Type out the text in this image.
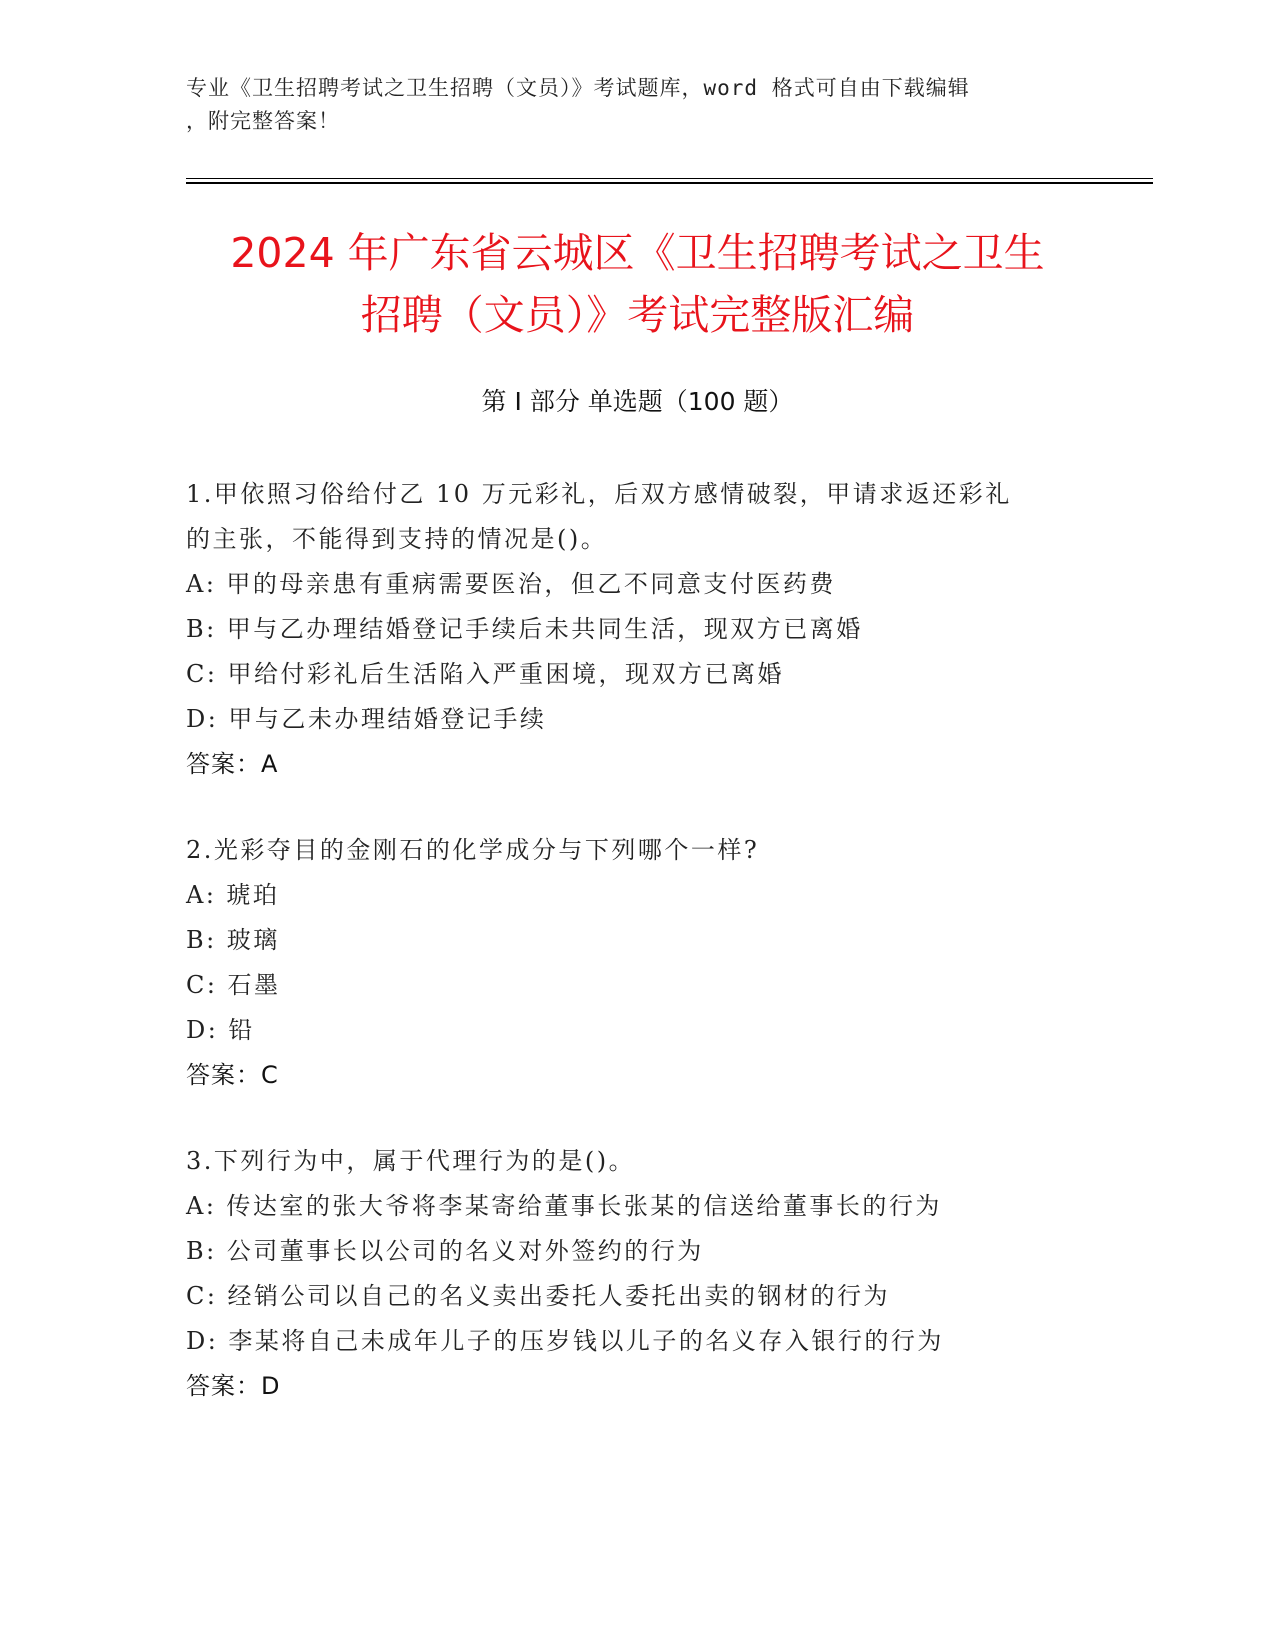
专业《卫生招聘考试之卫生招聘（文员）》考试题库，word 格式可自由下载编辑
，附完整答案！
2024 年广东省云城区《卫生招聘考试之卫生
招聘（文员）》考试完整版汇编
第 I 部分 单选题（100 题）
1.甲依照习俗给付乙 10 万元彩礼，后双方感情破裂，甲请求返还彩礼
的主张，不能得到支持的情况是()。
A: 甲的母亲患有重病需要医治，但乙不同意支付医药费
B: 甲与乙办理结婚登记手续后未共同生活，现双方已离婚
C: 甲给付彩礼后生活陷入严重困境，现双方已离婚
D: 甲与乙未办理结婚登记手续
答案：A
2.光彩夺目的金刚石的化学成分与下列哪个一样?
A: 琥珀
B: 玻璃
C: 石墨
D: 铅
答案：C
3.下列行为中，属于代理行为的是()。
A: 传达室的张大爷将李某寄给董事长张某的信送给董事长的行为
B: 公司董事长以公司的名义对外签约的行为
C: 经销公司以自己的名义卖出委托人委托出卖的钢材的行为
D: 李某将自己未成年儿子的压岁钱以儿子的名义存入银行的行为
答案：D
